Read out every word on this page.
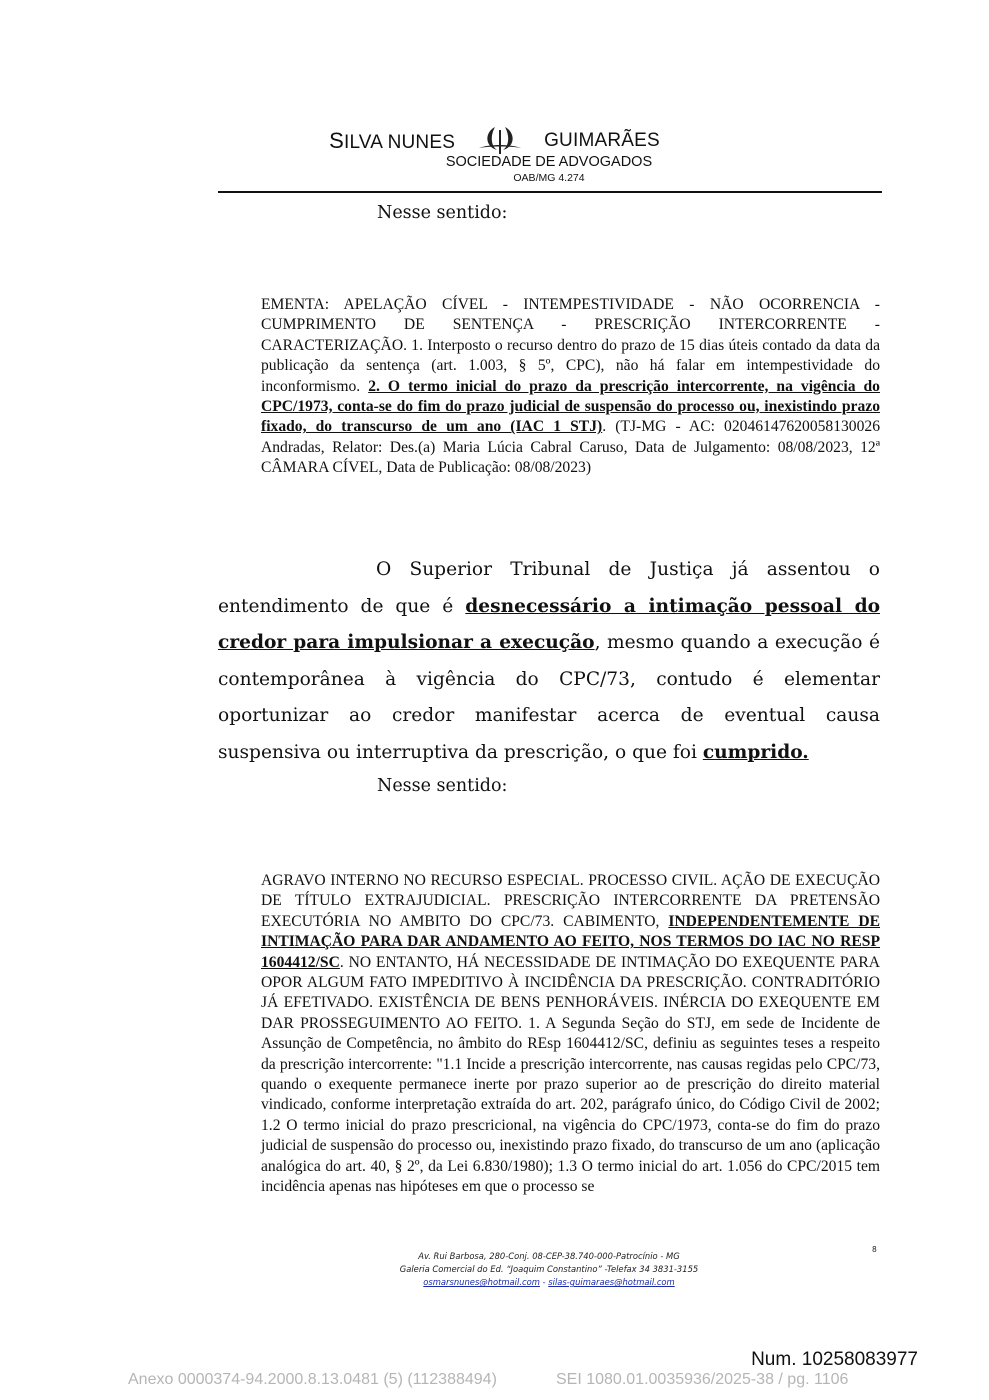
SILVA NUNES	GUIMARÃES
SOCIEDADE DE ADVOGADOS
OAB/MG 4.274
Nesse sentido:
EMENTA: APELAÇÃO CÍVEL - INTEMPESTIVIDADE - NÃO OCORRENCIA - CUMPRIMENTO DE SENTENÇA - PRESCRIÇÃO INTERCORRENTE - CARACTERIZAÇÃO. 1. Interposto o recurso dentro do prazo de 15 dias úteis contado da data da publicação da sentença (art. 1.003, § 5º, CPC), não há falar em intempestividade do inconformismo. 2. O termo inicial do prazo da prescrição intercorrente, na vigência do CPC/1973, conta-se do fim do prazo judicial de suspensão do processo ou, inexistindo prazo fixado, do transcurso de um ano (IAC 1 STJ). (TJ-MG - AC: 02046147620058130026 Andradas, Relator: Des.(a) Maria Lúcia Cabral Caruso, Data de Julgamento: 08/08/2023, 12ª CÂMARA CÍVEL, Data de Publicação: 08/08/2023)
O Superior Tribunal de Justiça já assentou o entendimento de que é desnecessário a intimação pessoal do credor para impulsionar a execução, mesmo quando a execução é contemporânea à vigência do CPC/73, contudo é elementar oportunizar ao credor manifestar acerca de eventual causa suspensiva ou interruptiva da prescrição, o que foi cumprido.
Nesse sentido:
AGRAVO INTERNO NO RECURSO ESPECIAL. PROCESSO CIVIL. AÇÃO DE EXECUÇÃO DE TÍTULO EXTRAJUDICIAL. PRESCRIÇÃO INTERCORRENTE DA PRETENSÃO EXECUTÓRIA NO AMBITO DO CPC/73. CABIMENTO, INDEPENDENTEMENTE DE INTIMAÇÃO PARA DAR ANDAMENTO AO FEITO, NOS TERMOS DO IAC NO RESP 1604412/SC. NO ENTANTO, HÁ NECESSIDADE DE INTIMAÇÃO DO EXEQUENTE PARA OPOR ALGUM FATO IMPEDITIVO À INCIDÊNCIA DA PRESCRIÇÃO. CONTRADITÓRIO JÁ EFETIVADO. EXISTÊNCIA DE BENS PENHORÁVEIS. INÉRCIA DO EXEQUENTE EM DAR PROSSEGUIMENTO AO FEITO. 1. A Segunda Seção do STJ, em sede de Incidente de Assunção de Competência, no âmbito do REsp 1604412/SC, definiu as seguintes teses a respeito da prescrição intercorrente: "1.1 Incide a prescrição intercorrente, nas causas regidas pelo CPC/73, quando o exequente permanece inerte por prazo superior ao de prescrição do direito material vindicado, conforme interpretação extraída do art. 202, parágrafo único, do Código Civil de 2002; 1.2 O termo inicial do prazo prescricional, na vigência do CPC/1973, conta-se do fim do prazo judicial de suspensão do processo ou, inexistindo prazo fixado, do transcurso de um ano (aplicação analógica do art. 40, § 2º, da Lei 6.830/1980); 1.3 O termo inicial do art. 1.056 do CPC/2015 tem incidência apenas nas hipóteses em que o processo se
Av. Rui Barbosa, 280-Conj. 08-CEP-38.740-000-Patrocínio - MG
Galeria Comercial do Ed. “Joaquim Constantino” -Telefax 34 3831-3155
osmarsnunes@hotmail.com - silas-guimaraes@hotmail.com
8
Num. 10258083977
Anexo 0000374-94.2000.8.13.0481 (5) (112388494)	SEI 1080.01.0035936/2025-38 / pg. 1106
